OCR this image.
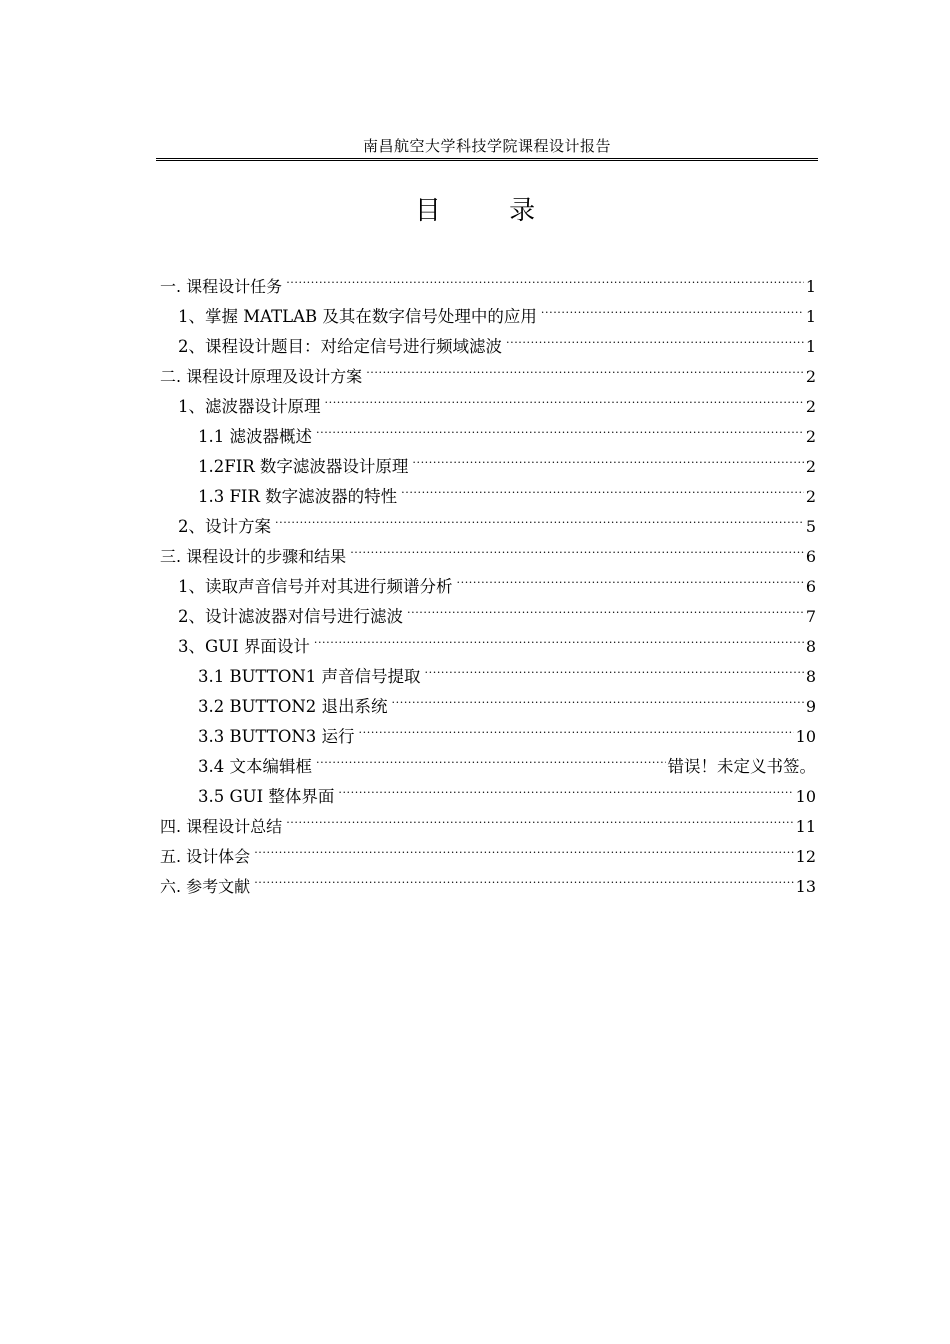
南昌航空大学科技学院课程设计报告
目 录
一. 课程设计任务 .....	1
1、掌握 MATLAB 及其在数字信号处理中的应用 .....	1
2、课程设计题目：对给定信号进行频域滤波 .....	1
二. 课程设计原理及设计方案 .....	2
1、滤波器设计原理 .....	2
1.1 滤波器概述 .....	2
1.2FIR 数字滤波器设计原理 .....	2
1.3 FIR 数字滤波器的特性 .....	2
2、设计方案 .....	5
三. 课程设计的步骤和结果 .....	6
1、读取声音信号并对其进行频谱分析 .....	6
2、设计滤波器对信号进行滤波 .....	7
3、GUI 界面设计 .....	8
3.1 BUTTON1 声音信号提取 .....	8
3.2 BUTTON2 退出系统 .....	9
3.3 BUTTON3 运行 .....	10
3.4 文本编辑框 .....	错误！未定义书签。
3.5 GUI 整体界面 .....	10
四. 课程设计总结 .....	11
五. 设计体会 .....	12
六. 参考文献 .....	13
